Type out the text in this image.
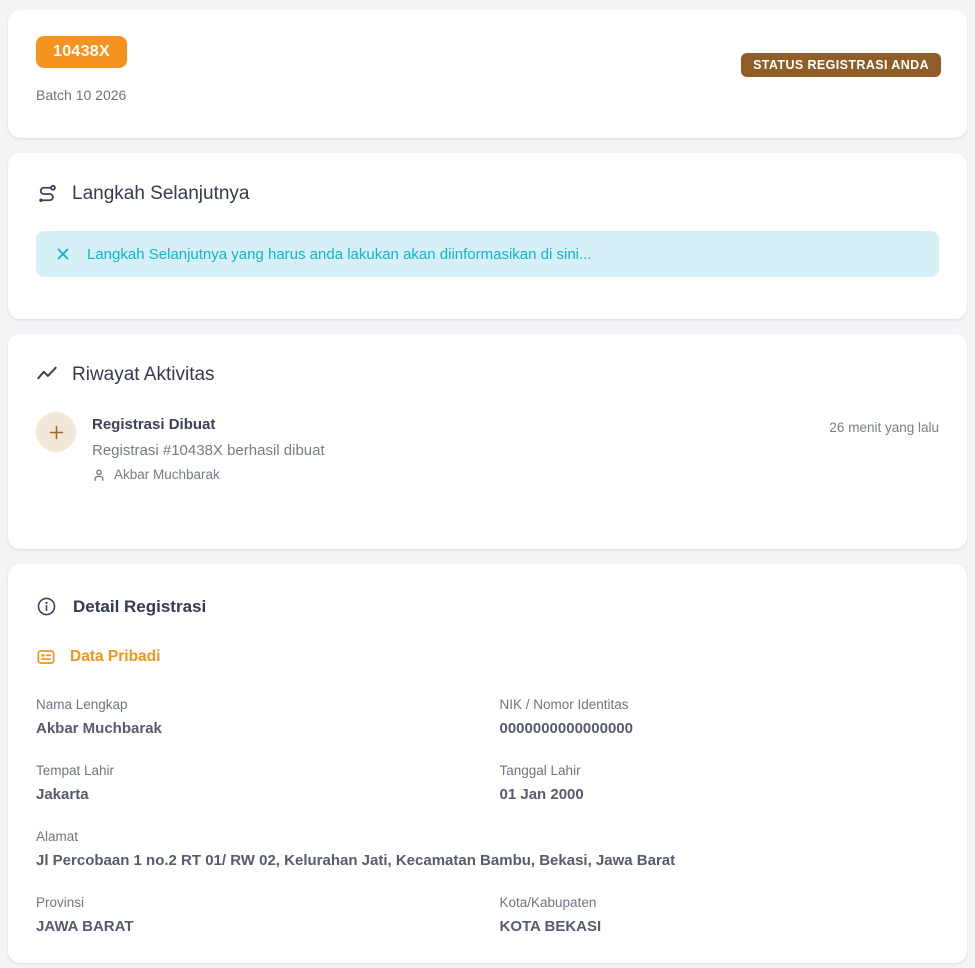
10438X
Batch 10 2026
STATUS REGISTRASI ANDA
Langkah Selanjutnya
Langkah Selanjutnya yang harus anda lakukan akan diinformasikan di sini...
Riwayat Aktivitas
Registrasi Dibuat
Registrasi #10438X berhasil dibuat
Akbar Muchbarak
26 menit yang lalu
Detail Registrasi
Data Pribadi
Nama Lengkap
Akbar Muchbarak
NIK / Nomor Identitas
0000000000000000
Tempat Lahir
Jakarta
Tanggal Lahir
01 Jan 2000
Alamat
Jl Percobaan 1 no.2 RT 01/ RW 02, Kelurahan Jati, Kecamatan Bambu, Bekasi, Jawa Barat
Provinsi
JAWA BARAT
Kota/Kabupaten
KOTA BEKASI
